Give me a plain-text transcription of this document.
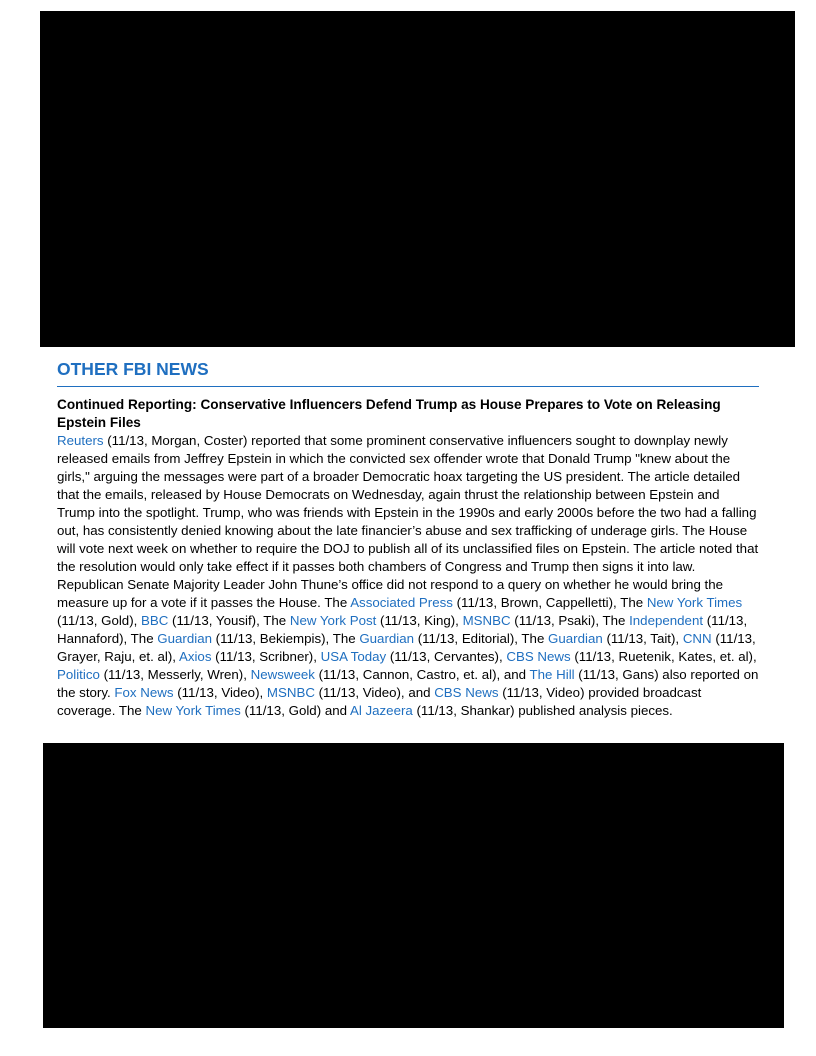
OTHER FBI NEWS
Continued Reporting: Conservative Influencers Defend Trump as House Prepares to Vote on Releasing Epstein Files

Reuters (11/13, Morgan, Coster) reported that some prominent conservative influencers sought to downplay newly released emails from Jeffrey Epstein in which the convicted sex offender wrote that Donald Trump "knew about the girls," arguing the messages were part of a broader Democratic hoax targeting the US president. The article detailed that the emails, released by House Democrats on Wednesday, again thrust the relationship between Epstein and Trump into the spotlight. Trump, who was friends with Epstein in the 1990s and early 2000s before the two had a falling out, has consistently denied knowing about the late financier’s abuse and sex trafficking of underage girls. The House will vote next week on whether to require the DOJ to publish all of its unclassified files on Epstein. The article noted that the resolution would only take effect if it passes both chambers of Congress and Trump then signs it into law. Republican Senate Majority Leader John Thune’s office did not respond to a query on whether he would bring the measure up for a vote if it passes the House. The Associated Press (11/13, Brown, Cappelletti), The New York Times (11/13, Gold), BBC (11/13, Yousif), The New York Post (11/13, King), MSNBC (11/13, Psaki), The Independent (11/13, Hannaford), The Guardian (11/13, Bekiempis), The Guardian (11/13, Editorial), The Guardian (11/13, Tait), CNN (11/13, Grayer, Raju, et. al), Axios (11/13, Scribner), USA Today (11/13, Cervantes), CBS News (11/13, Ruetenik, Kates, et. al), Politico (11/13, Messerly, Wren), Newsweek (11/13, Cannon, Castro, et. al), and The Hill (11/13, Gans) also reported on the story. Fox News (11/13, Video), MSNBC (11/13, Video), and CBS News (11/13, Video) provided broadcast coverage. The New York Times (11/13, Gold) and Al Jazeera (11/13, Shankar) published analysis pieces.
